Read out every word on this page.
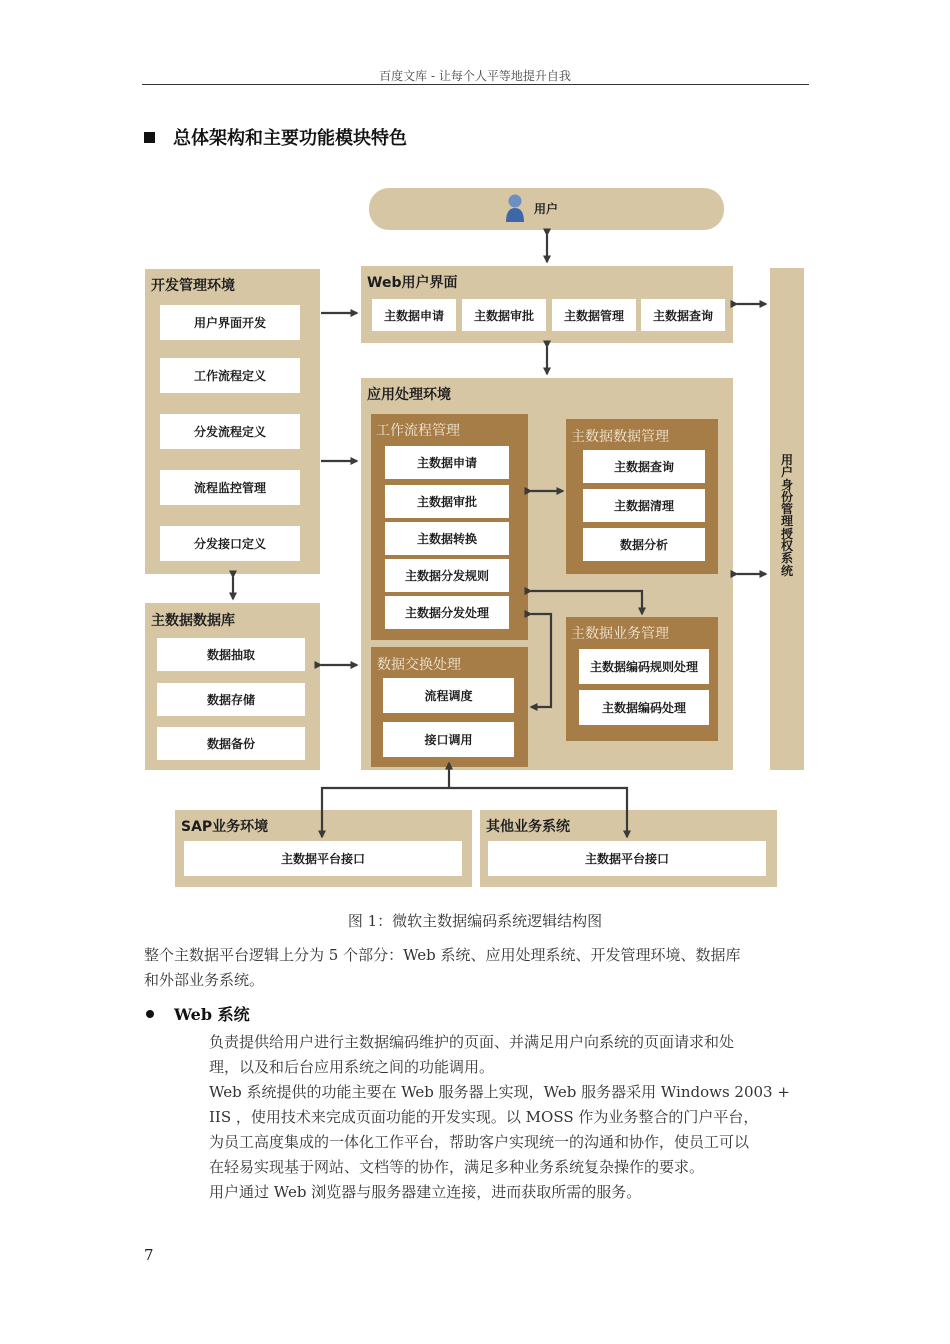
百度文库 - 让每个人平等地提升自我
总体架构和主要功能模块特色
用户
开发管理环境
用户界面开发
工作流程定义
分发流程定义
流程监控管理
分发接口定义
主数据数据库
数据抽取
数据存储
数据备份
Web用户界面
主数据申请	主数据审批	主数据管理	主数据查询
应用处理环境
工作流程管理
主数据申请
主数据审批
主数据转换
主数据分发规则
主数据分发处理
主数据数据管理
主数据查询
主数据清理
数据分析
主数据业务管理
主数据编码规则处理
主数据编码处理
数据交换处理
流程调度
接口调用
用户身份管理授权系统
SAP业务环境
主数据平台接口
其他业务系统
主数据平台接口
图 1：微软主数据编码系统逻辑结构图
整个主数据平台逻辑上分为 5 个部分：Web 系统、应用处理系统、开发管理环境、数据库
和外部业务系统。
Web 系统
负责提供给用户进行主数据编码维护的页面、并满足用户向系统的页面请求和处
理，以及和后台应用系统之间的功能调用。
Web 系统提供的功能主要在 Web 服务器上实现，Web 服务器采用 Windows 2003 +
IIS ，使用技术来完成页面功能的开发实现。以 MOSS 作为业务整合的门户平台，
为员工高度集成的一体化工作平台，帮助客户实现统一的沟通和协作，使员工可以
在轻易实现基于网站、文档等的协作，满足多种业务系统复杂操作的要求。
用户通过 Web 浏览器与服务器建立连接，进而获取所需的服务。
7
